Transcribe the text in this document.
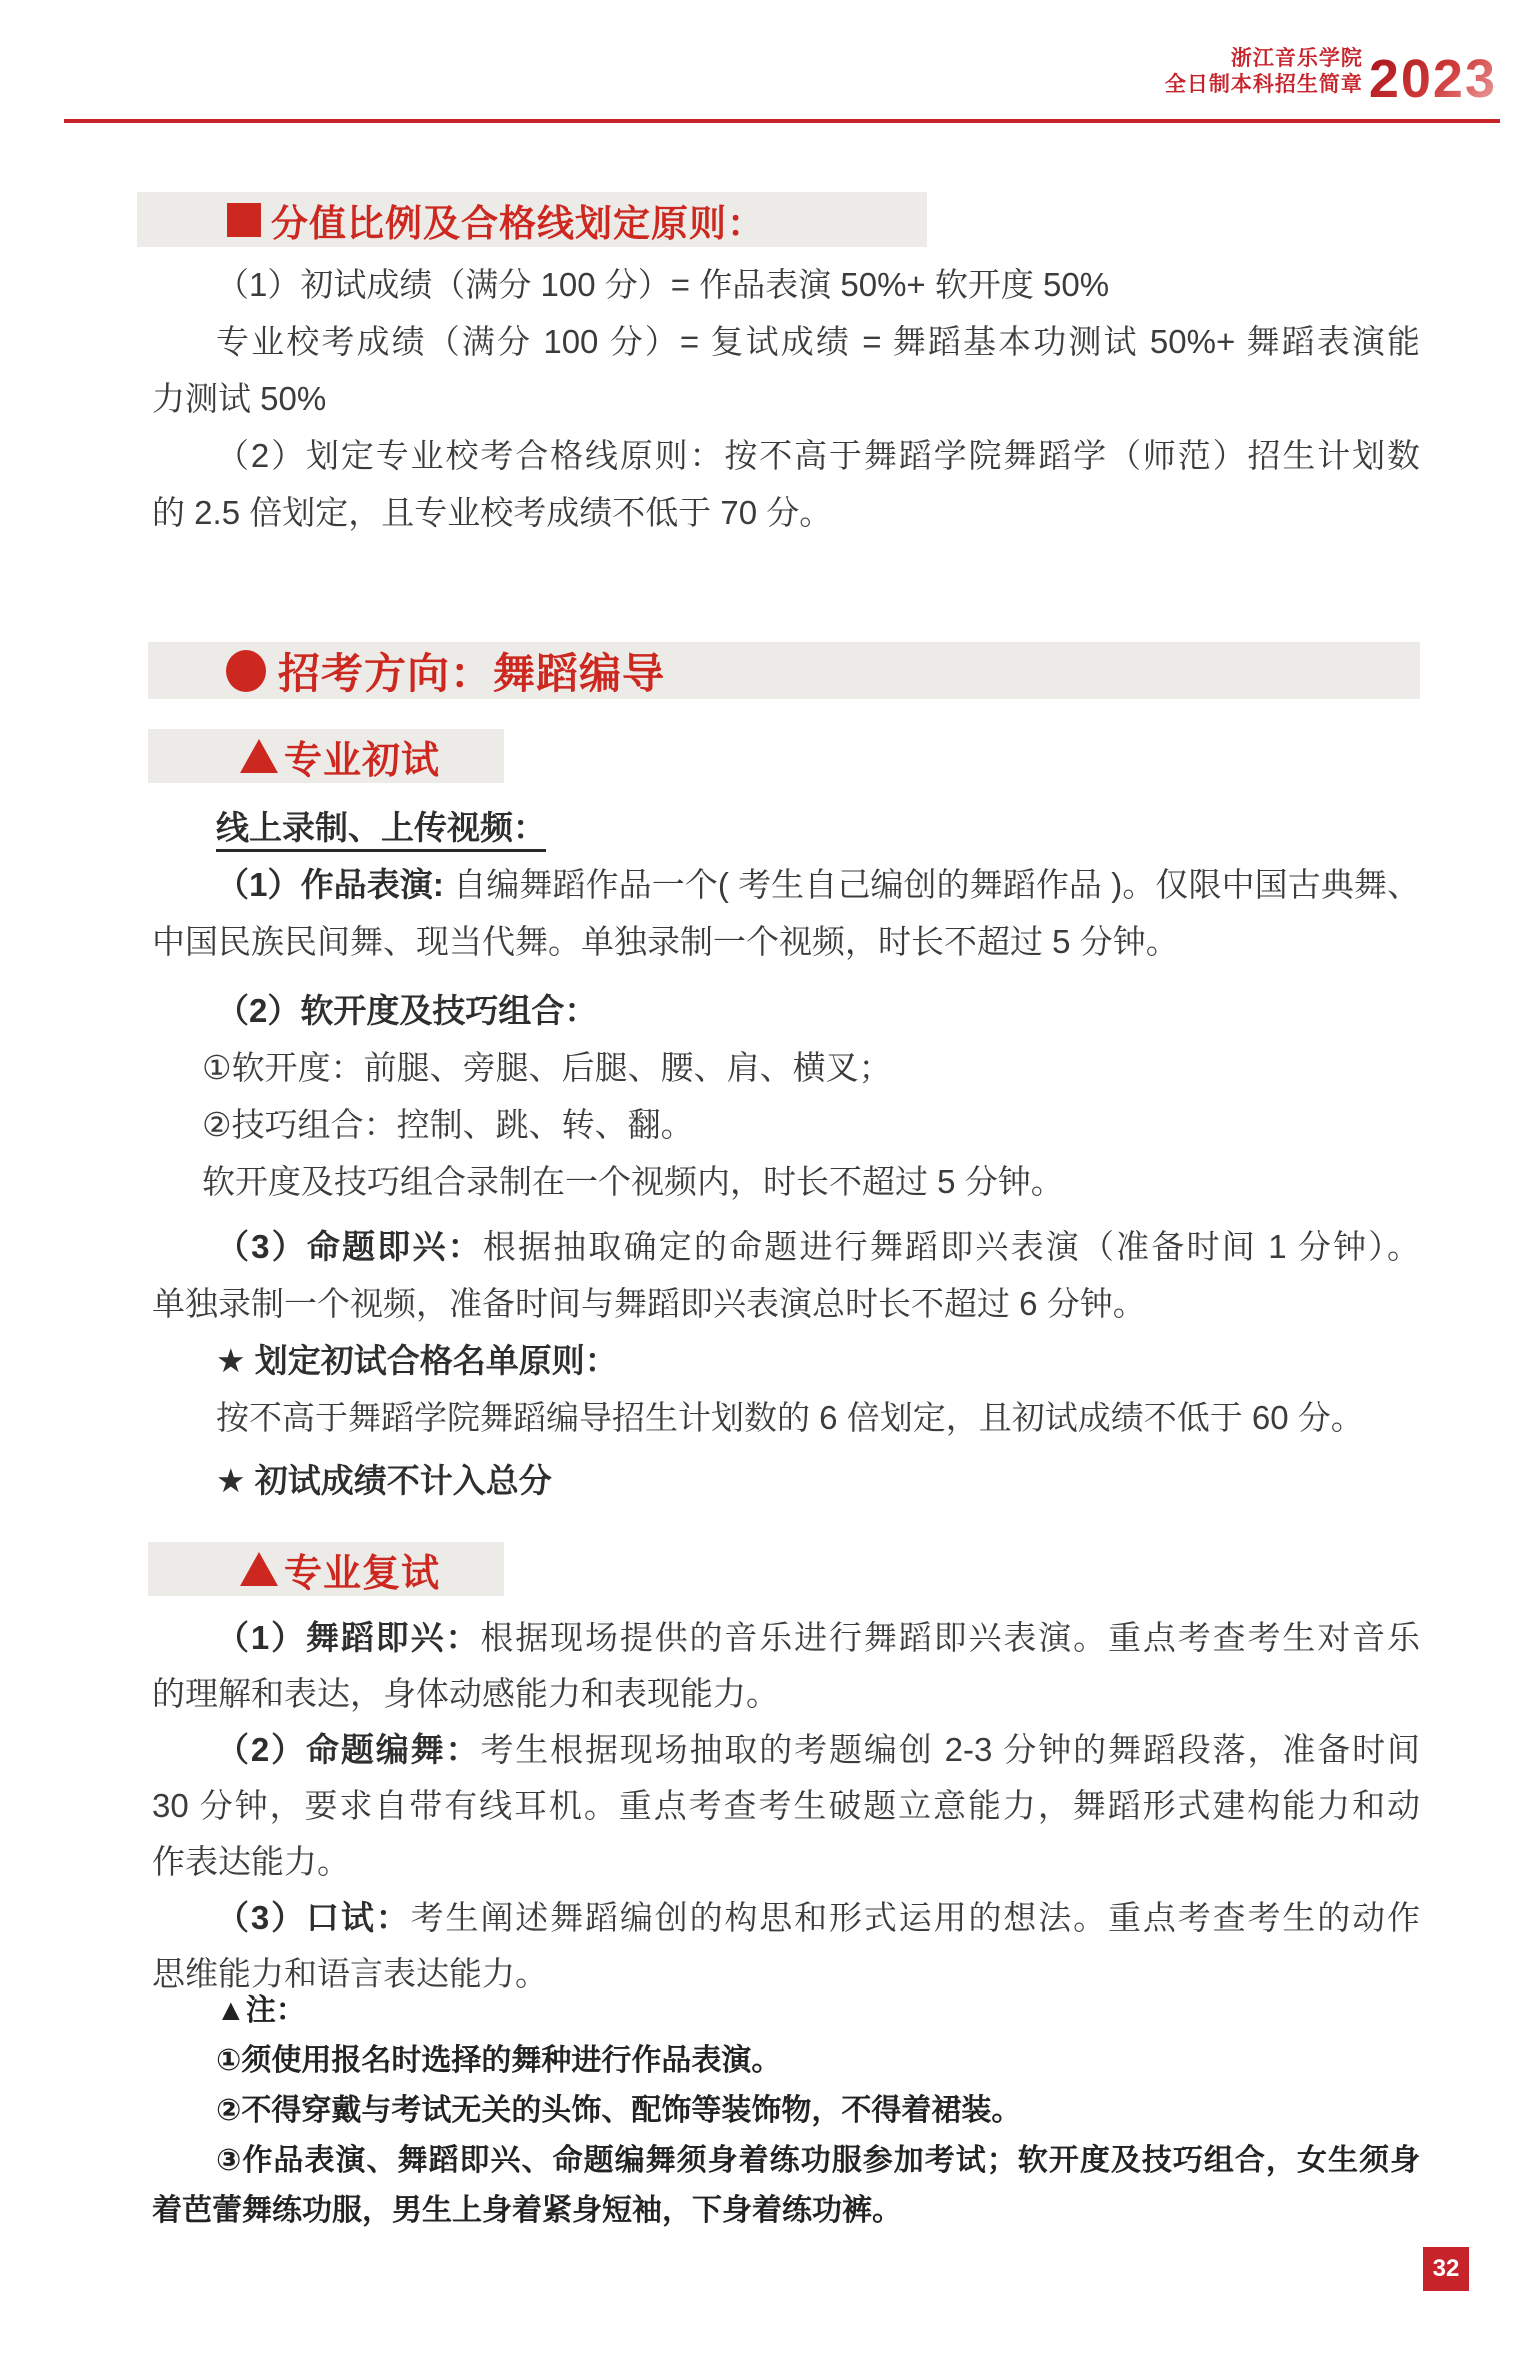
浙江音乐学院
全日制本科招生简章 2023
分值比例及合格线划定原则：
（1）初试成绩（满分 100 分）= 作品表演 50%+ 软开度 50%
专业校考成绩（满分 100 分）= 复试成绩 = 舞蹈基本功测试 50%+ 舞蹈表演能
力测试 50%
（2）划定专业校考合格线原则：按不高于舞蹈学院舞蹈学（师范）招生计划数
的 2.5 倍划定，且专业校考成绩不低于 70 分。
招考方向：舞蹈编导
专业初试
线上录制、上传视频：
（1）作品表演: 自编舞蹈作品一个( 考生自己编创的舞蹈作品 )。仅限中国古典舞、
中国民族民间舞、现当代舞。单独录制一个视频，时长不超过 5 分钟。
（2）软开度及技巧组合：
①软开度：前腿、旁腿、后腿、腰、肩、横叉；
②技巧组合：控制、跳、转、翻。
软开度及技巧组合录制在一个视频内，时长不超过 5 分钟。
（3）命题即兴：根据抽取确定的命题进行舞蹈即兴表演（准备时间 1 分钟）。
单独录制一个视频，准备时间与舞蹈即兴表演总时长不超过 6 分钟。
★ 划定初试合格名单原则：
按不高于舞蹈学院舞蹈编导招生计划数的 6 倍划定，且初试成绩不低于 60 分。
★ 初试成绩不计入总分
专业复试
（1）舞蹈即兴：根据现场提供的音乐进行舞蹈即兴表演。重点考查考生对音乐
的理解和表达，身体动感能力和表现能力。
（2）命题编舞：考生根据现场抽取的考题编创 2-3 分钟的舞蹈段落，准备时间
30 分钟，要求自带有线耳机。重点考查考生破题立意能力，舞蹈形式建构能力和动
作表达能力。
（3）口试：考生阐述舞蹈编创的构思和形式运用的想法。重点考查考生的动作
思维能力和语言表达能力。
▲注：
①须使用报名时选择的舞种进行作品表演。
②不得穿戴与考试无关的头饰、配饰等装饰物，不得着裙装。
③作品表演、舞蹈即兴、命题编舞须身着练功服参加考试；软开度及技巧组合，女生须身
着芭蕾舞练功服，男生上身着紧身短袖，下身着练功裤。
32
